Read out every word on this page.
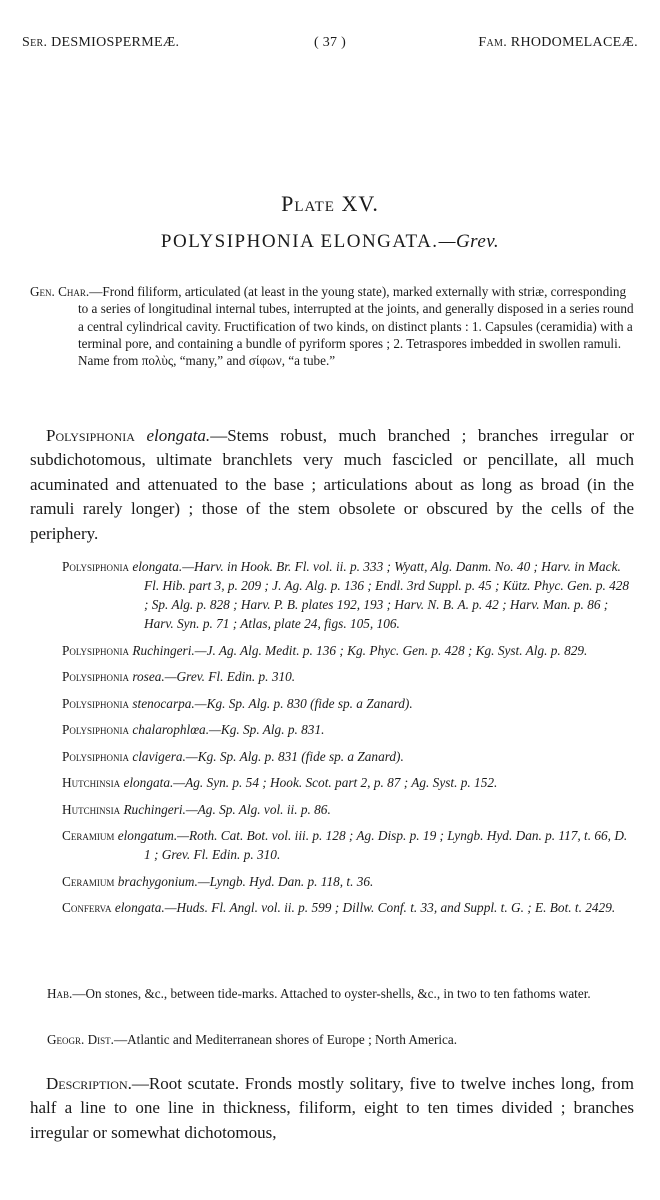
Ser. DESMIOSPERMEÆ.	( 37 )	Fam. RHODOMELACEÆ.
Plate XV.
POLYSIPHONIA ELONGATA.—Grev.

Gen. Char.—Frond filiform, articulated (at least in the young state), marked externally with striæ, corresponding to a series of longitudinal internal tubes, interrupted at the joints, and generally disposed in a series round a central cylindrical cavity. Fructification of two kinds, on distinct plants : 1. Capsules (ceramidia) with a terminal pore, and containing a bundle of pyriform spores ; 2. Tetraspores imbedded in swollen ramuli. Name from πολὺς, “many,” and σίφων, “a tube.”

Polysiphonia elongata.—Stems robust, much branched ; branches irregular or subdichotomous, ultimate branchlets very much fascicled or pencillate, all much acuminated and attenuated to the base ; articulations about as long as broad (in the ramuli rarely longer) ; those of the stem obsolete or obscured by the cells of the periphery.

Polysiphonia elongata.—Harv. in Hook. Br. Fl. vol. ii. p. 333 ; Wyatt, Alg. Danm. No. 40 ; Harv. in Mack. Fl. Hib. part 3, p. 209 ; J. Ag. Alg. p. 136 ; Endl. 3rd Suppl. p. 45 ; Kütz. Phyc. Gen. p. 428 ; Sp. Alg. p. 828 ; Harv. P. B. plates 192, 193 ; Harv. N. B. A. p. 42 ; Harv. Man. p. 86 ; Harv. Syn. p. 71 ; Atlas, plate 24, figs. 105, 106.

Polysiphonia Ruchingeri.—J. Ag. Alg. Medit. p. 136 ; Kg. Phyc. Gen. p. 428 ; Kg. Syst. Alg. p. 829.

Polysiphonia rosea.—Grev. Fl. Edin. p. 310.

Polysiphonia stenocarpa.—Kg. Sp. Alg. p. 830 (fide sp. a Zanard).

Polysiphonia chalarophlœa.—Kg. Sp. Alg. p. 831.

Polysiphonia clavigera.—Kg. Sp. Alg. p. 831 (fide sp. a Zanard).

Hutchinsia elongata.—Ag. Syn. p. 54 ; Hook. Scot. part 2, p. 87 ; Ag. Syst. p. 152.

Hutchinsia Ruchingeri.—Ag. Sp. Alg. vol. ii. p. 86.

Ceramium elongatum.—Roth. Cat. Bot. vol. iii. p. 128 ; Ag. Disp. p. 19 ; Lyngb. Hyd. Dan. p. 117, t. 66, D. 1 ; Grev. Fl. Edin. p. 310.

Ceramium brachygonium.—Lyngb. Hyd. Dan. p. 118, t. 36.

Conferva elongata.—Huds. Fl. Angl. vol. ii. p. 599 ; Dillw. Conf. t. 33, and Suppl. t. G. ; E. Bot. t. 2429.

Hab.—On stones, &c., between tide-marks. Attached to oyster-shells, &c., in two to ten fathoms water.

Geogr. Dist.—Atlantic and Mediterranean shores of Europe ; North America.

Description.—Root scutate. Fronds mostly solitary, five to twelve inches long, from half a line to one line in thickness, filiform, eight to ten times divided ; branches irregular or somewhat dichotomous,
